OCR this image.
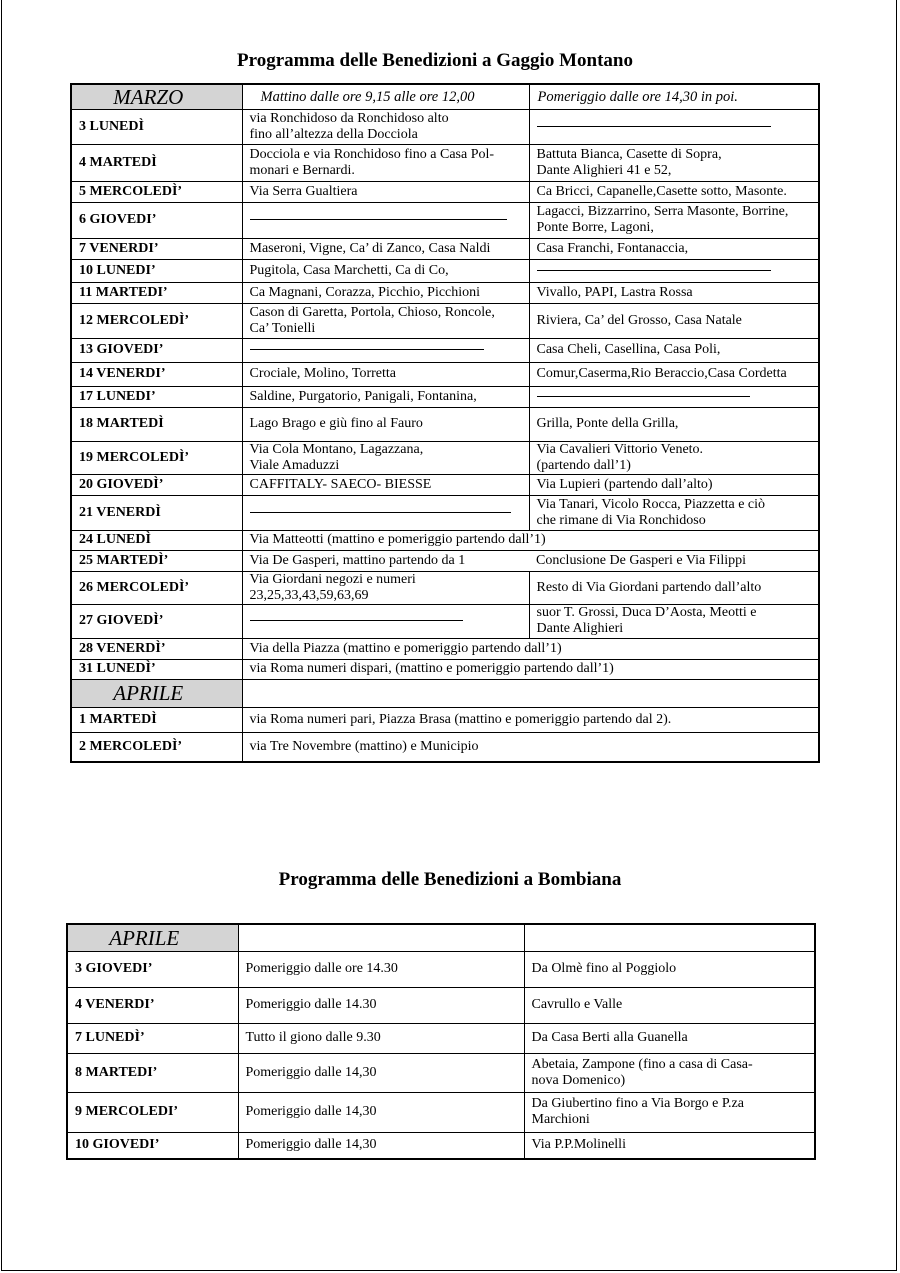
Programma delle Benedizioni a Gaggio Montano
MARZO	Mattino dalle ore 9,15 alle ore 12,00	Pomeriggio dalle ore 14,30 in poi.
3 LUNEDÌ	via Ronchidoso da Ronchidoso alto
fino all’altezza della Docciola	
4 MARTEDÌ	Docciola e via Ronchidoso fino a Casa Pol-
monari e Bernardi.	Battuta Bianca, Casette di Sopra,
Dante Alighieri 41 e 52,
5 MERCOLEDÌ’	Via Serra Gualtiera	Ca Bricci, Capanelle,Casette sotto, Masonte.
6 GIOVEDI’		Lagacci, Bizzarrino, Serra Masonte, Borrine,
Ponte Borre, Lagoni,
7 VENERDI’	Maseroni, Vigne, Ca’ di Zanco, Casa Naldi	Casa Franchi, Fontanaccia,
10 LUNEDI’	Pugitola, Casa Marchetti, Ca di Co,	
11 MARTEDI’	Ca Magnani, Corazza, Picchio, Picchioni	Vivallo, PAPI, Lastra Rossa
12 MERCOLEDÌ’	Cason di Garetta, Portola, Chioso, Roncole,
Ca’ Tonielli	Riviera, Ca’ del Grosso, Casa Natale
13 GIOVEDI’		Casa Cheli, Casellina, Casa Poli,
14 VENERDI’	Crociale, Molino, Torretta	Comur,Caserma,Rio Beraccio,Casa Cordetta
17 LUNEDI’	Saldine, Purgatorio, Panigali, Fontanina,	
18 MARTEDÌ	Lago Brago e giù fino al Fauro	Grilla, Ponte della Grilla,
19 MERCOLEDÌ’	Via Cola Montano, Lagazzana,
Viale Amaduzzi	Via Cavalieri Vittorio Veneto.
(partendo dall’1)
20 GIOVEDÌ’	CAFFITALY- SAECO- BIESSE	Via Lupieri (partendo dall’alto)
21 VENERDÌ		Via Tanari, Vicolo Rocca, Piazzetta e ciò
che rimane di Via Ronchidoso
24 LUNEDÌ	Via Matteotti (mattino e pomeriggio partendo dall’1)	
25 MARTEDÌ’	Via De Gasperi, mattino partendo da 1	Conclusione De Gasperi e Via Filippi
26 MERCOLEDÌ’	Via Giordani negozi e numeri
23,25,33,43,59,63,69	Resto di Via Giordani partendo dall’alto
27 GIOVEDÌ’		suor T. Grossi, Duca D’Aosta, Meotti e
Dante Alighieri
28 VENERDÌ’	Via della Piazza (mattino e pomeriggio partendo dall’1)	
31 LUNEDÌ’	via Roma numeri dispari, (mattino e pomeriggio partendo dall’1)	
APRILE		
1 MARTEDÌ	via Roma numeri pari, Piazza Brasa (mattino e pomeriggio partendo dal 2).	
2 MERCOLEDÌ’	via Tre Novembre (mattino) e Municipio	
Programma delle Benedizioni a Bombiana
APRILE		
3 GIOVEDI’	Pomeriggio dalle ore 14.30	Da Olmè fino al Poggiolo
4 VENERDI’	Pomeriggio dalle 14.30	Cavrullo e Valle
7 LUNEDÌ’	Tutto il giono dalle 9.30	Da Casa Berti alla Guanella
8 MARTEDI’	Pomeriggio dalle 14,30	Abetaia, Zampone (fino a casa di Casa-
nova Domenico)
9 MERCOLEDI’	Pomeriggio dalle 14,30	Da Giubertino fino a Via Borgo e P.za
Marchioni
10 GIOVEDI’	Pomeriggio dalle 14,30	Via P.P.Molinelli
